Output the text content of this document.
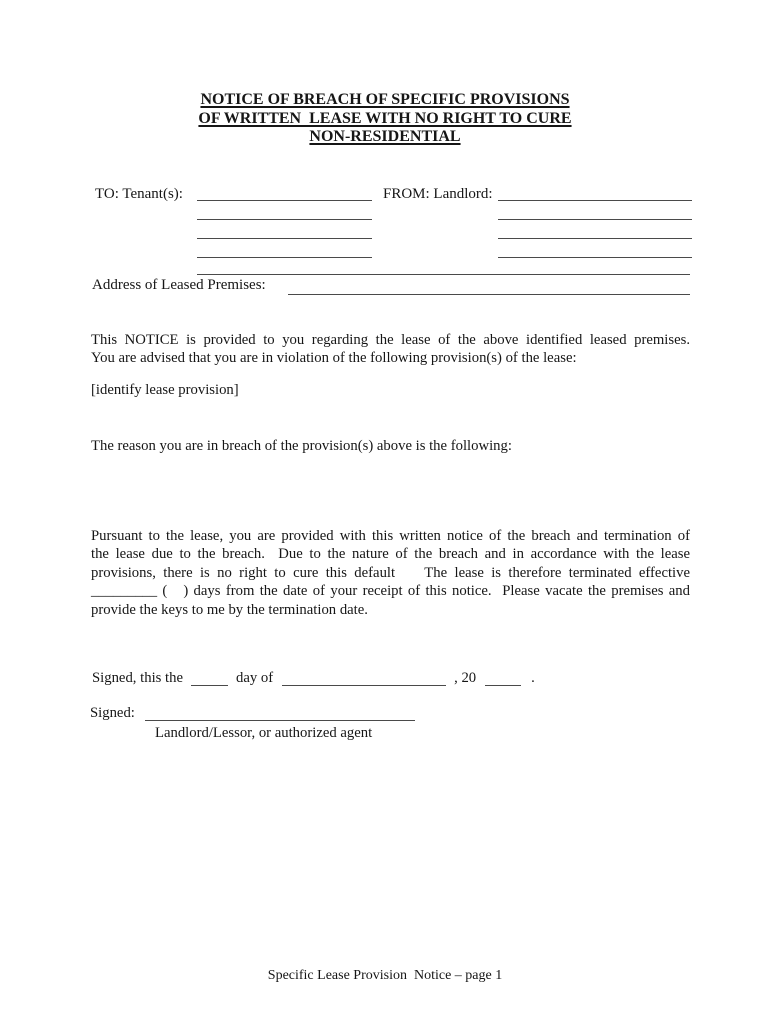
NOTICE OF BREACH OF SPECIFIC PROVISIONS
OF WRITTEN  LEASE WITH NO RIGHT TO CURE
NON-RESIDENTIAL
TO: Tenant(s):	FROM: Landlord:
Address of Leased Premises:
This NOTICE is provided to you regarding the lease of the above identified leased premises.
You are advised that you are in violation of the following provision(s) of the lease:
[identify lease provision]
The reason you are in breach of the provision(s) above is the following:
Pursuant to the lease, you are provided with this written notice of the breach and termination of
the lease due to the breach.  Due to the nature of the breach and in accordance with the lease
provisions, there is no right to cure this default    The lease is therefore terminated effective
_________ (   ) days from the date of your receipt of this notice.  Please vacate the premises and
provide the keys to me by the termination date.
Signed, this the	day of	, 20	.
Signed:
Landlord/Lessor, or authorized agent
Specific Lease Provision  Notice – page 1
